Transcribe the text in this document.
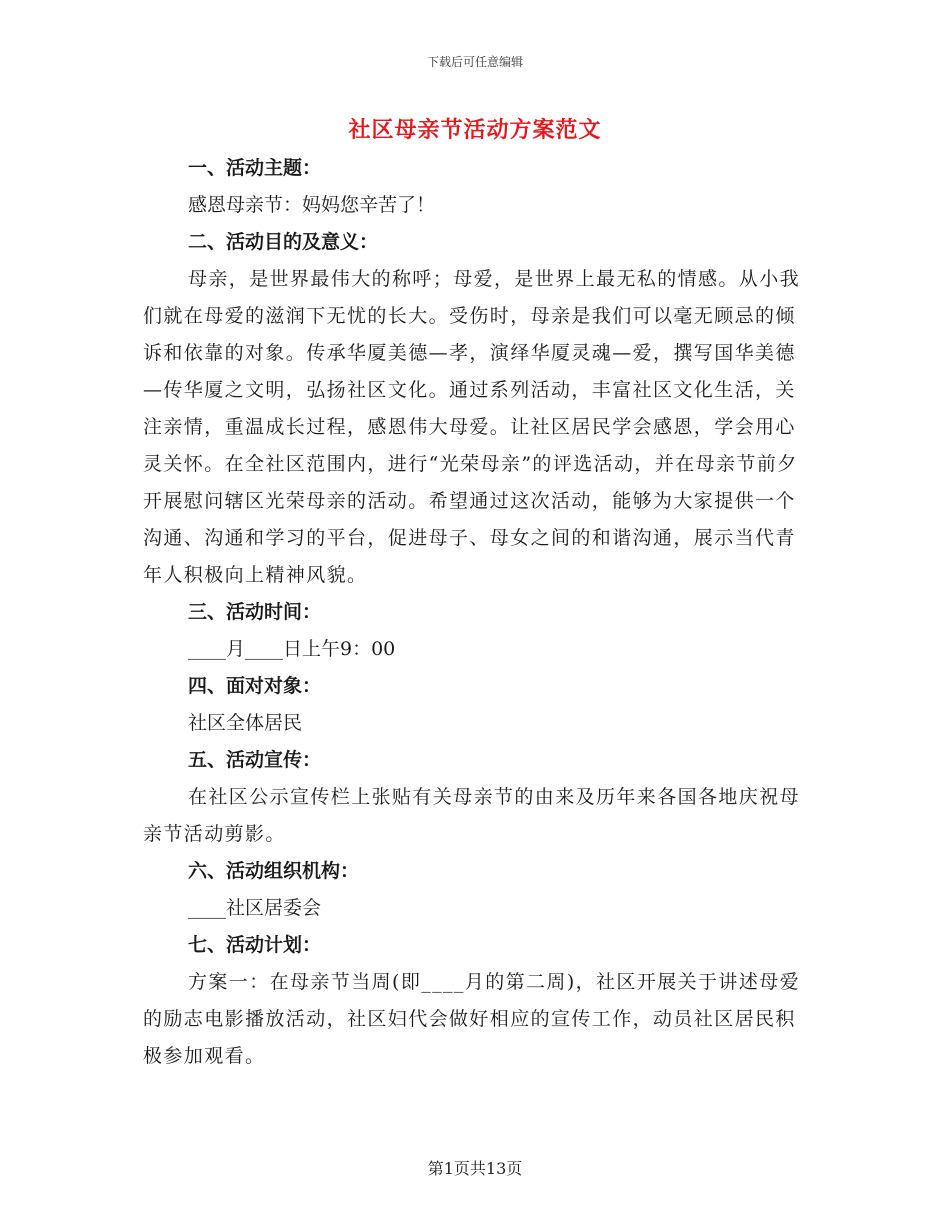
下载后可任意编辑
社区母亲节活动方案范文

一、活动主题：

感恩母亲节：妈妈您辛苦了！

二、活动目的及意义：

母亲，是世界最伟大的称呼；母爱，是世界上最无私的情感。从小我们就在母爱的滋润下无忧的长大。受伤时，母亲是我们可以毫无顾忌的倾诉和依靠的对象。传承华厦美德—孝，演绎华厦灵魂—爱，撰写国华美德—传华厦之文明，弘扬社区文化。通过系列活动，丰富社区文化生活，关注亲情，重温成长过程，感恩伟大母爱。让社区居民学会感恩，学会用心灵关怀。在全社区范围内，进行“光荣母亲”的评选活动，并在母亲节前夕开展慰问辖区光荣母亲的活动。希望通过这次活动，能够为大家提供一个沟通、沟通和学习的平台，促进母子、母女之间的和谐沟通，展示当代青年人积极向上精神风貌。

三、活动时间：

____月____日上午9：00

四、面对对象：

社区全体居民

五、活动宣传：

在社区公示宣传栏上张贴有关母亲节的由来及历年来各国各地庆祝母亲节活动剪影。

六、活动组织机构：

____社区居委会

七、活动计划：

方案一：在母亲节当周(即____月的第二周)，社区开展关于讲述母爱的励志电影播放活动，社区妇代会做好相应的宣传工作，动员社区居民积极参加观看。

第1页共13页
